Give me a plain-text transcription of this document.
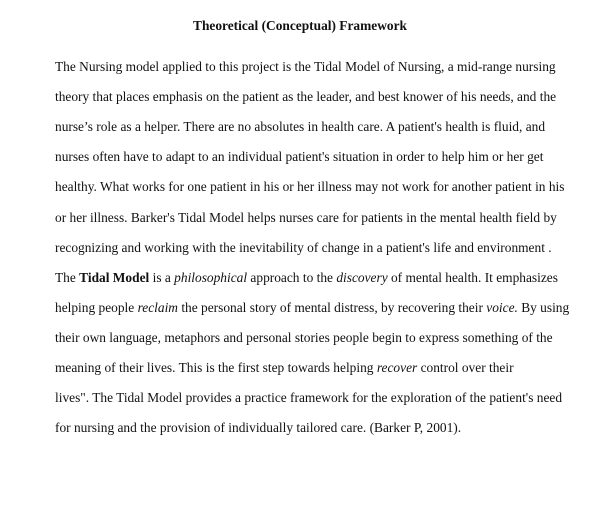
Theoretical (Conceptual) Framework
The Nursing model applied to this project is the Tidal Model of Nursing, a mid-range nursing
theory that places emphasis on the patient as the leader, and best knower of his needs, and the
nurse’s role as a helper. There are no absolutes in health care. A patient's health is fluid, and
nurses often have to adapt to an individual patient's situation in order to help him or her get
healthy. What works for one patient in his or her illness may not work for another patient in his
or her illness. Barker's Tidal Model helps nurses care for patients in the mental health field by
recognizing and working with the inevitability of change in a patient's life and environment .
The Tidal Model is a philosophical approach to the discovery of mental health. It emphasizes
helping people reclaim the personal story of mental distress, by recovering their voice. By using
their own language, metaphors and personal stories people begin to express something of the
meaning of their lives. This is the first step towards helping recover control over their
lives". The Tidal Model provides a practice framework for the exploration of the patient's need
for nursing and the provision of individually tailored care. (Barker P, 2001).
